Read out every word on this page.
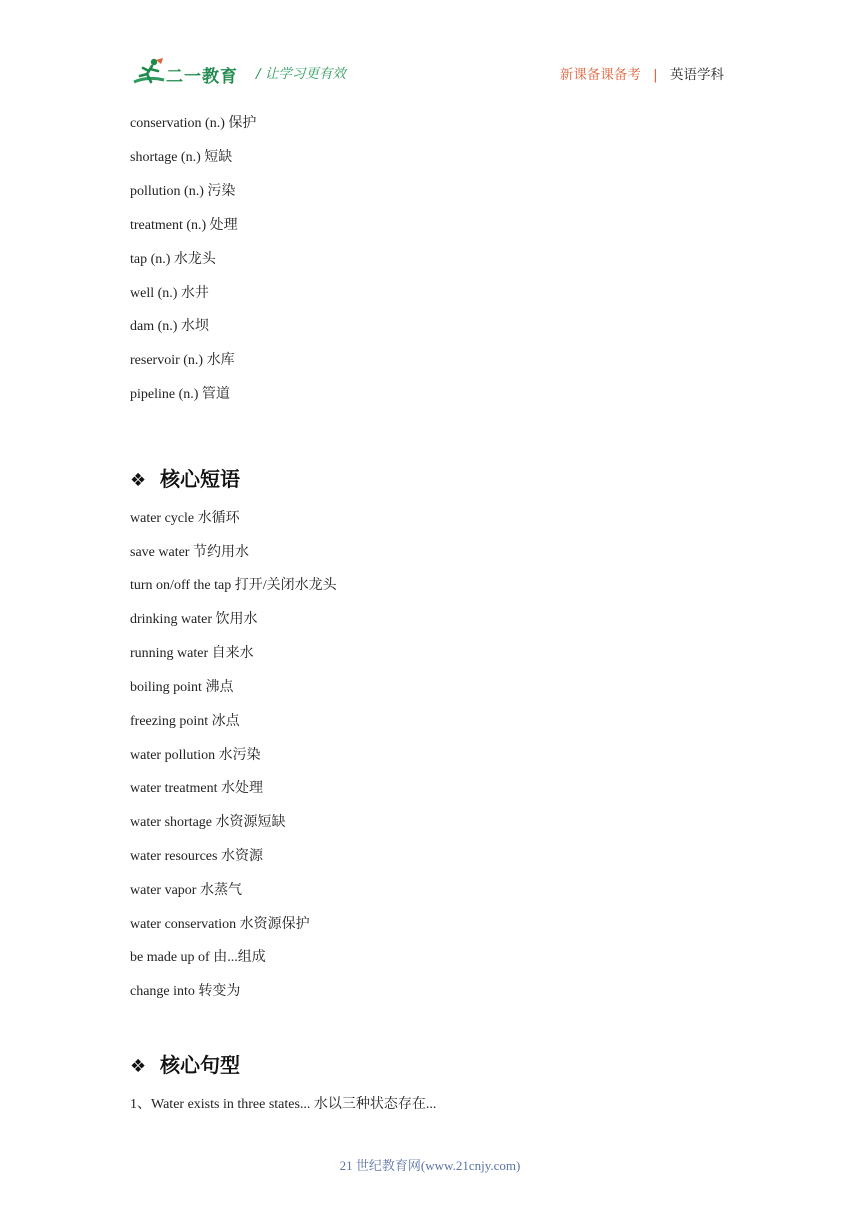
二一教育 / 让学习更有效	新课备课备考 | 英语学科
conservation (n.) 保护
shortage (n.) 短缺
pollution (n.) 污染
treatment (n.) 处理
tap (n.) 水龙头
well (n.) 水井
dam (n.) 水坝
reservoir (n.) 水库
pipeline (n.) 管道
❖ 核心短语
water cycle 水循环
save water 节约用水
turn on/off the tap 打开/关闭水龙头
drinking water 饮用水
running water 自来水
boiling point 沸点
freezing point 冰点
water pollution 水污染
water treatment 水处理
water shortage 水资源短缺
water resources 水资源
water vapor 水蒸气
water conservation 水资源保护
be made up of 由...组成
change into 转变为
❖ 核心句型
1、Water exists in three states... 水以三种状态存在...
21 世纪教育网(www.21cnjy.com)
